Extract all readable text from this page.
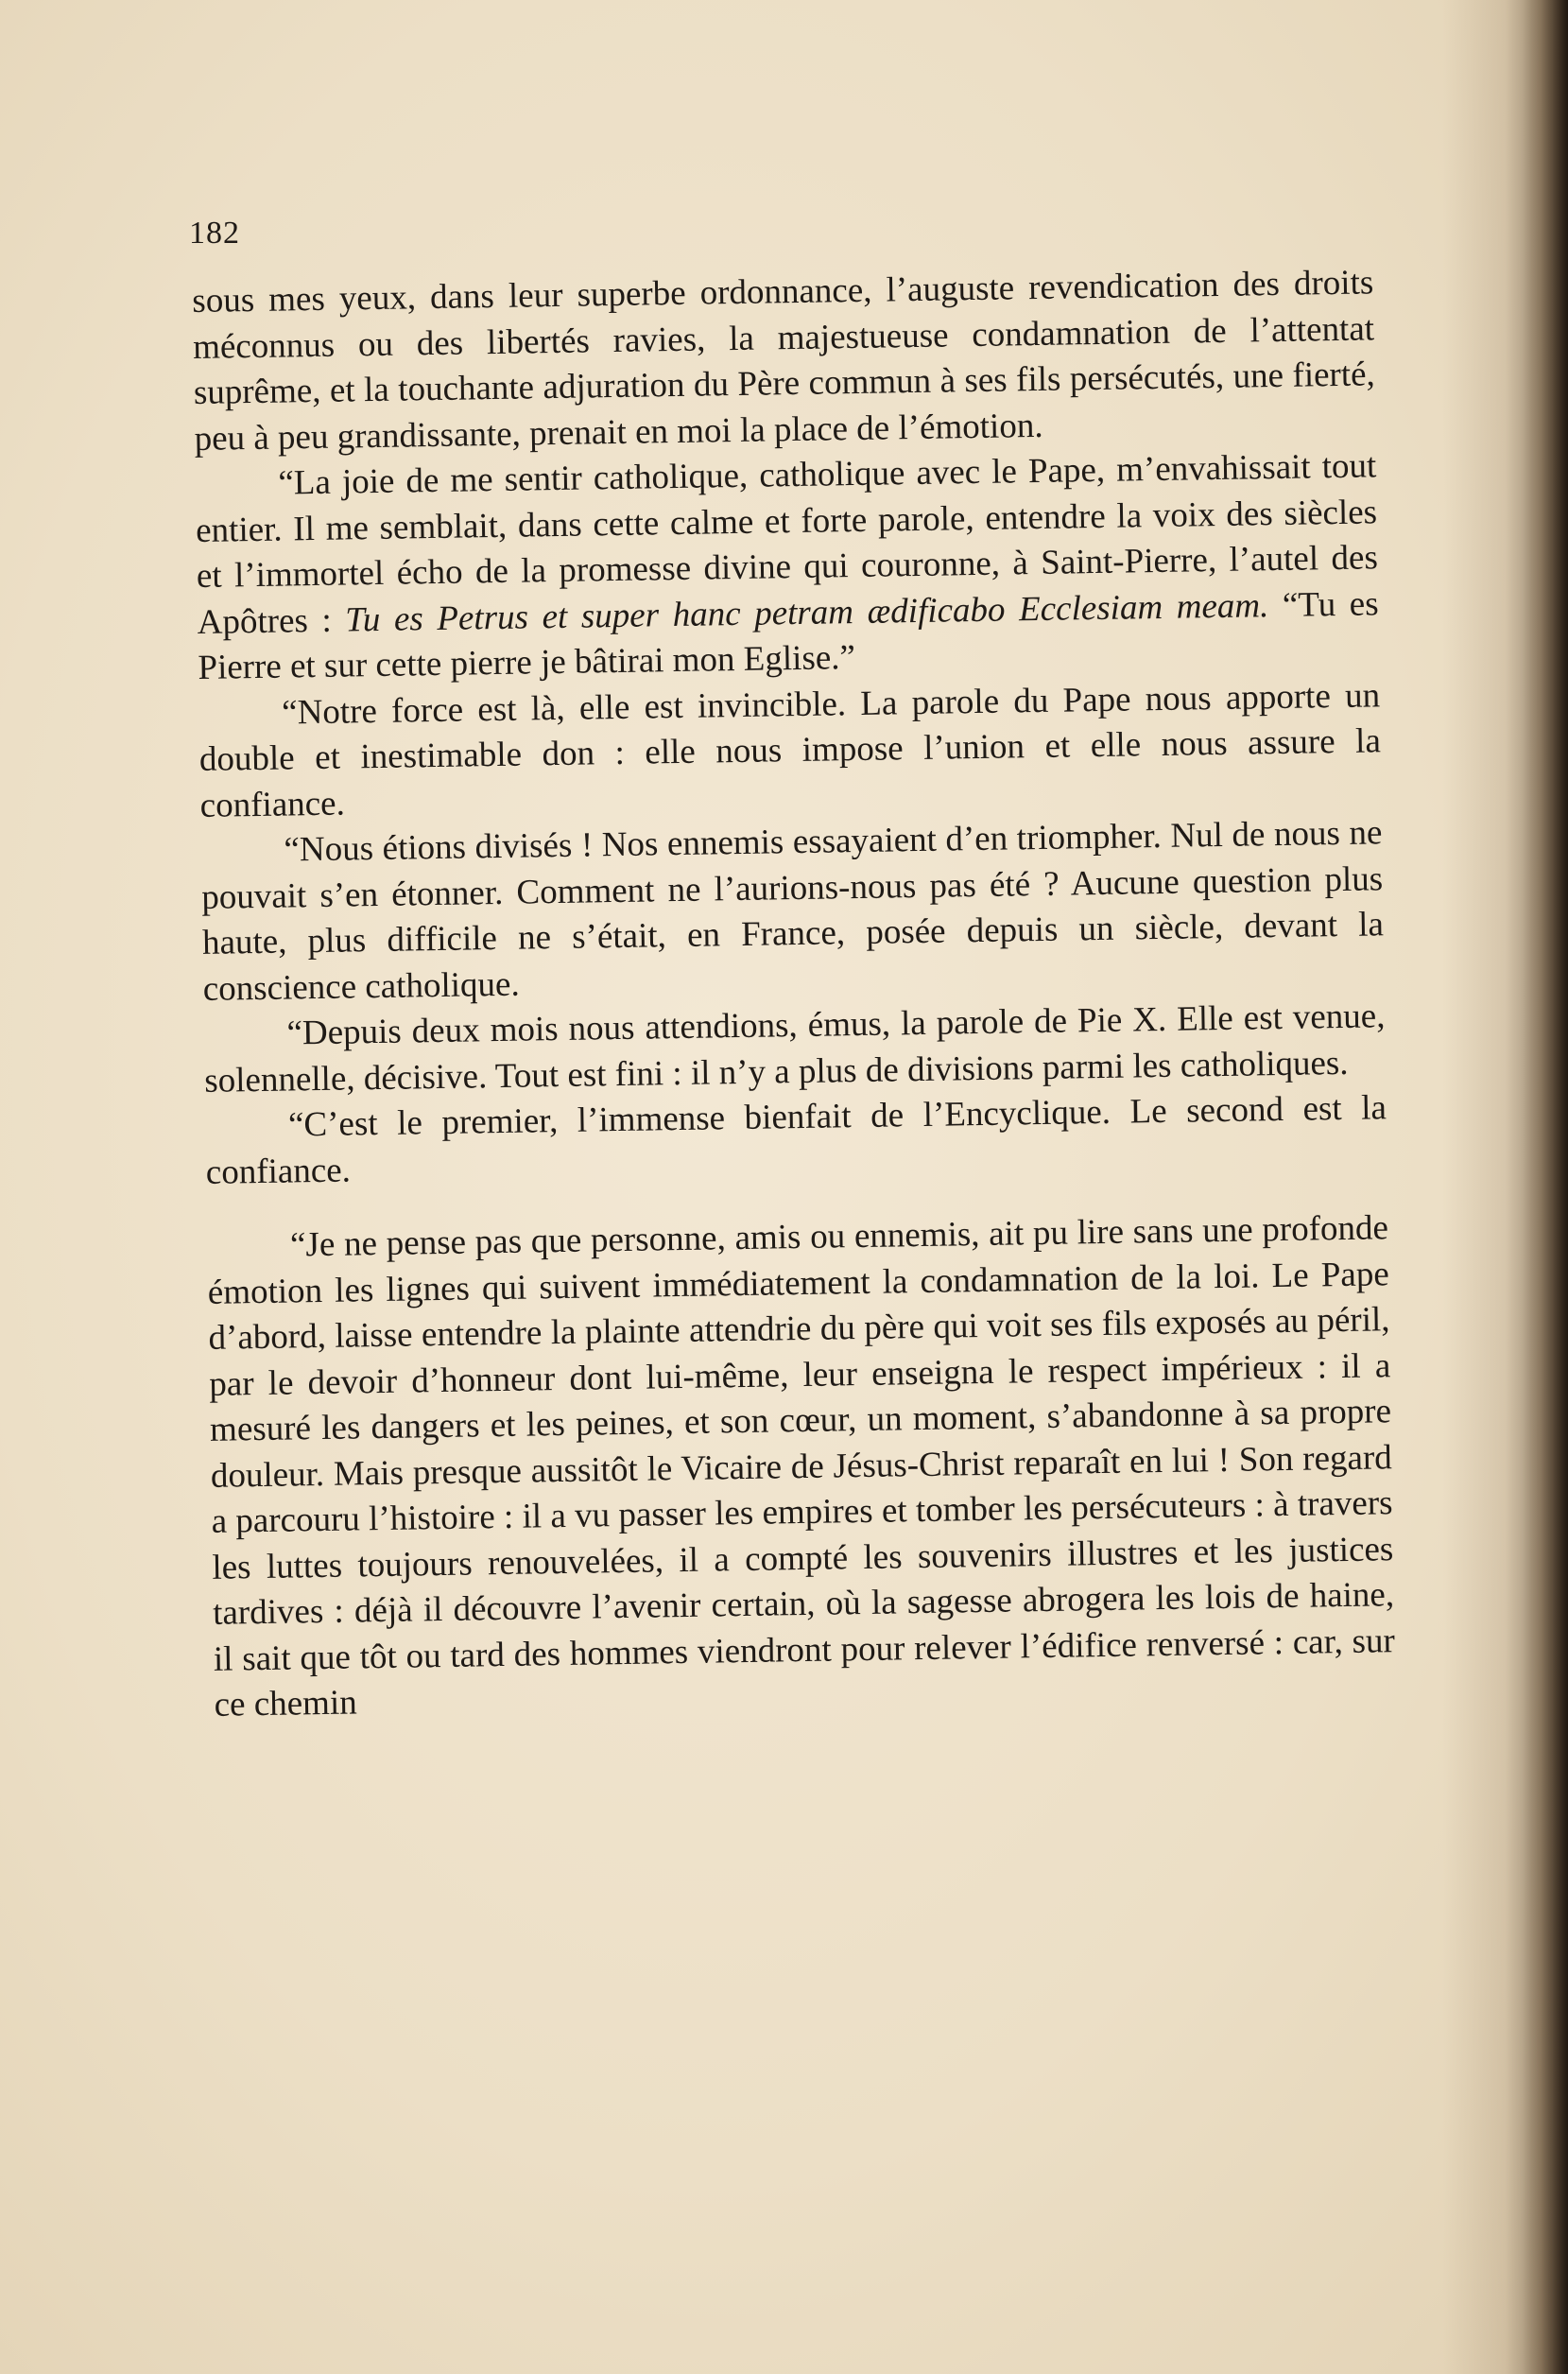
182

sous mes yeux, dans leur superbe ordonnance, l’auguste revendication des droits méconnus ou des libertés ravies, la majestueuse condamnation de l’attentat suprême, et la touchante adjuration du Père commun à ses fils persécutés, une fierté, peu à peu grandissante, prenait en moi la place de l’émotion.

“La joie de me sentir catholique, catholique avec le Pape, m’envahissait tout entier. Il me semblait, dans cette calme et forte parole, entendre la voix des siècles et l’immortel écho de la promesse divine qui couronne, à Saint-Pierre, l’autel des Apôtres : Tu es Petrus et super hanc petram ædificabo Ecclesiam meam. “Tu es Pierre et sur cette pierre je bâtirai mon Eglise.”

“Notre force est là, elle est invincible. La parole du Pape nous apporte un double et inestimable don : elle nous impose l’union et elle nous assure la confiance.

“Nous étions divisés ! Nos ennemis essayaient d’en triompher. Nul de nous ne pouvait s’en étonner. Comment ne l’aurions-nous pas été ? Aucune question plus haute, plus difficile ne s’était, en France, posée depuis un siècle, devant la conscience catholique.

“Depuis deux mois nous attendions, émus, la parole de Pie X. Elle est venue, solennelle, décisive. Tout est fini : il n’y a plus de divisions parmi les catholiques.

“C’est le premier, l’immense bienfait de l’Encyclique. Le second est la confiance.

“Je ne pense pas que personne, amis ou ennemis, ait pu lire sans une profonde émotion les lignes qui suivent immédiatement la condamnation de la loi. Le Pape d’abord, laisse entendre la plainte attendrie du père qui voit ses fils exposés au péril, par le devoir d’honneur dont lui-même, leur enseigna le respect impérieux : il a mesuré les dangers et les peines, et son cœur, un moment, s’abandonne à sa propre douleur. Mais presque aussitôt le Vicaire de Jésus-Christ reparaît en lui ! Son regard a parcouru l’histoire : il a vu passer les empires et tomber les persécuteurs : à travers les luttes toujours renouvelées, il a compté les souvenirs illustres et les justices tardives : déjà il découvre l’avenir certain, où la sagesse abrogera les lois de haine, il sait que tôt ou tard des hommes viendront pour relever l’édifice renversé : car, sur ce chemin
